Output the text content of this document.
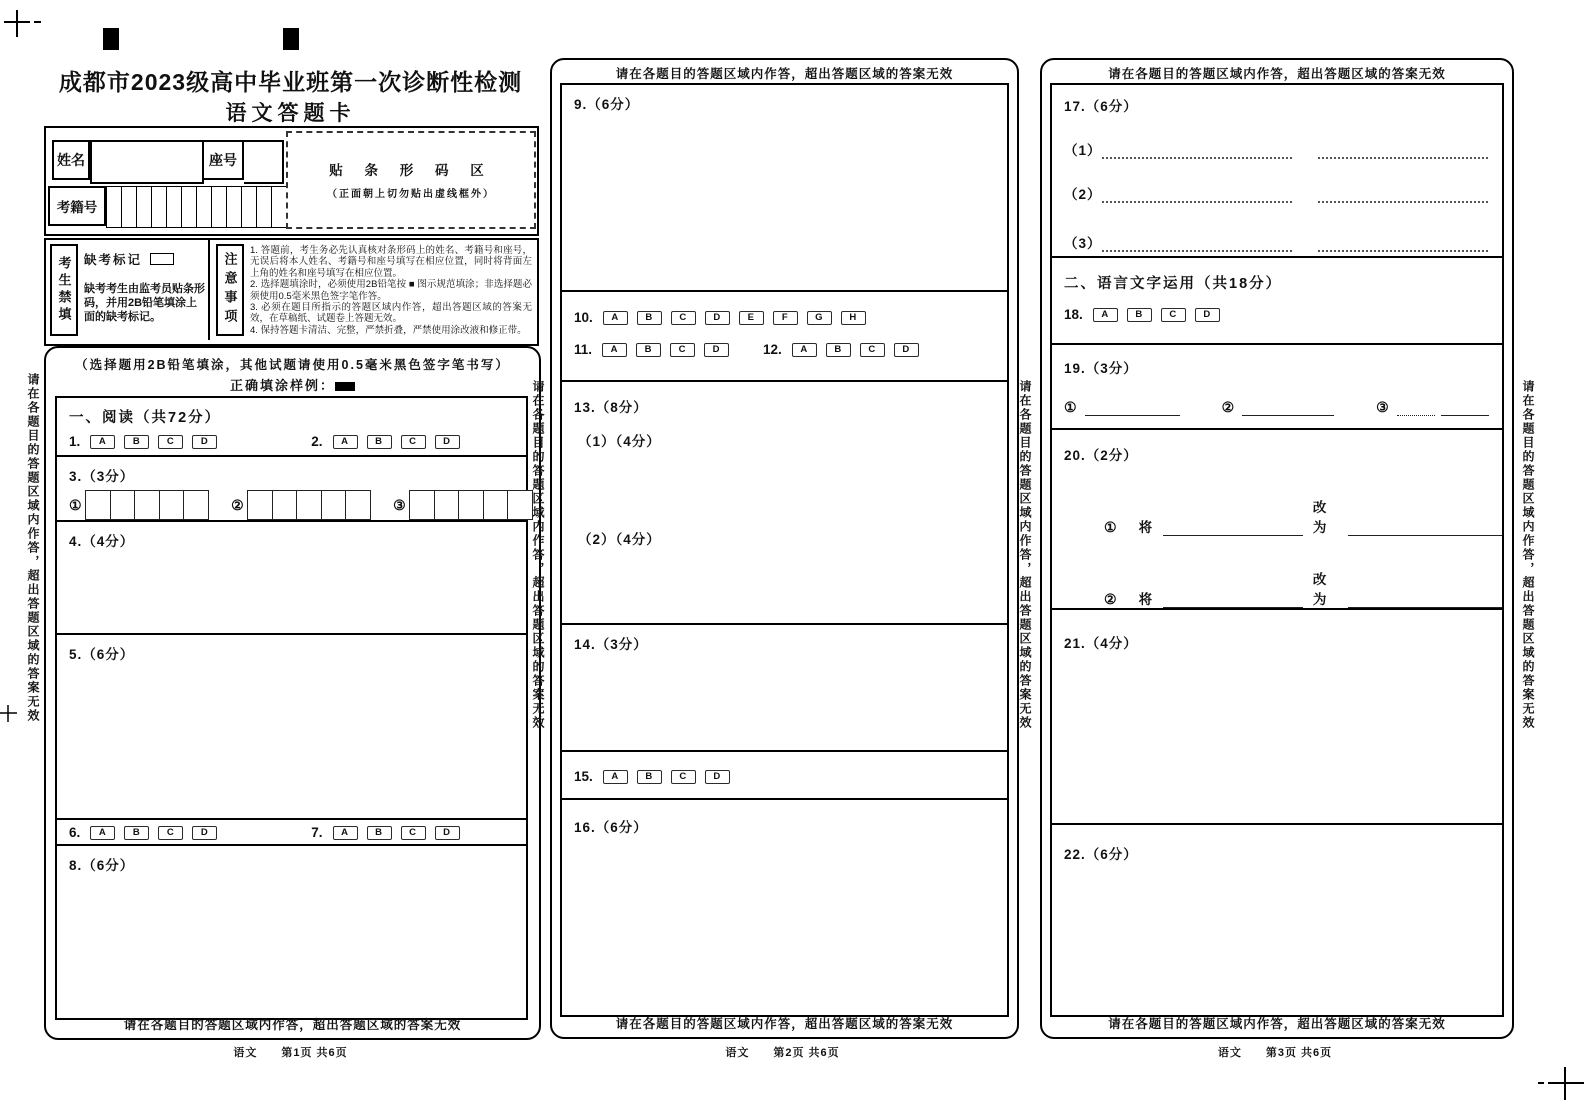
成都市2023级高中毕业班第一次诊断性检测
语文答题卡
姓名	座号
考籍号
贴 条 形 码 区
（正面朝上切勿贴出虚线框外）
考生禁填	缺考标记
缺考考生由监考员贴条形码，并用2B铅笔填涂上面的缺考标记。	注意事项
1. 答题前，考生务必先认真核对条形码上的姓名、考籍号和座号，无误后将本人姓名、考籍号和座号填写在相应位置，同时将背面左上角的姓名和座号填写在相应位置。
2. 选择题填涂时，必须使用2B铅笔按 ■ 图示规范填涂；非选择题必须使用0.5毫米黑色签字笔作答。
3. 必须在题目所指示的答题区域内作答，超出答题区域的答案无效，在草稿纸、试题卷上答题无效。
4. 保持答题卡清洁、完整，严禁折叠，严禁使用涂改液和修正带。
（选择题用2B铅笔填涂，其他试题请使用0.5毫米黑色签字笔书写）
正确填涂样例：
一、阅读（共72分）
1.	A	B	C	D	2.	A	B	C	D
3.（3分）
①	②	③
4.（4分）
5.（6分）
6.	A	B	C	D	7.	A	B	C	D
8.（6分）
请在各题目的答题区域内作答，超出答题区域的答案无效
语文　　第1页 共6页
请在各题目的答题区域内作答，超出答题区域的答案无效
9.（6分）
10.	A	B	C	D	E	F	G	H
11.	A	B	C	D	12.	A	B	C	D
13.（8分）
（1）（4分）
（2）（4分）
14.（3分）
15.	A	B	C	D
16.（6分）
请在各题目的答题区域内作答，超出答题区域的答案无效
语文　　第2页 共6页
请在各题目的答题区域内作答，超出答题区域的答案无效
17.（6分）
（1）
（2）
（3）
二、语言文字运用（共18分）
18.	A	B	C	D
19.（3分）
①	②	③
20.（2分）
① 将
改为
② 将
改为
21.（4分）
22.（6分）
请在各题目的答题区域内作答，超出答题区域的答案无效
语文　　第3页 共6页
请在各题目的答题区域内作答，超出答题区域的答案无效	请在各题目的答题区域内作答，超出答题区域的答案无效	请在各题目的答题区域内作答，超出答题区域的答案无效	请在各题目的答题区域内作答，超出答题区域的答案无效
